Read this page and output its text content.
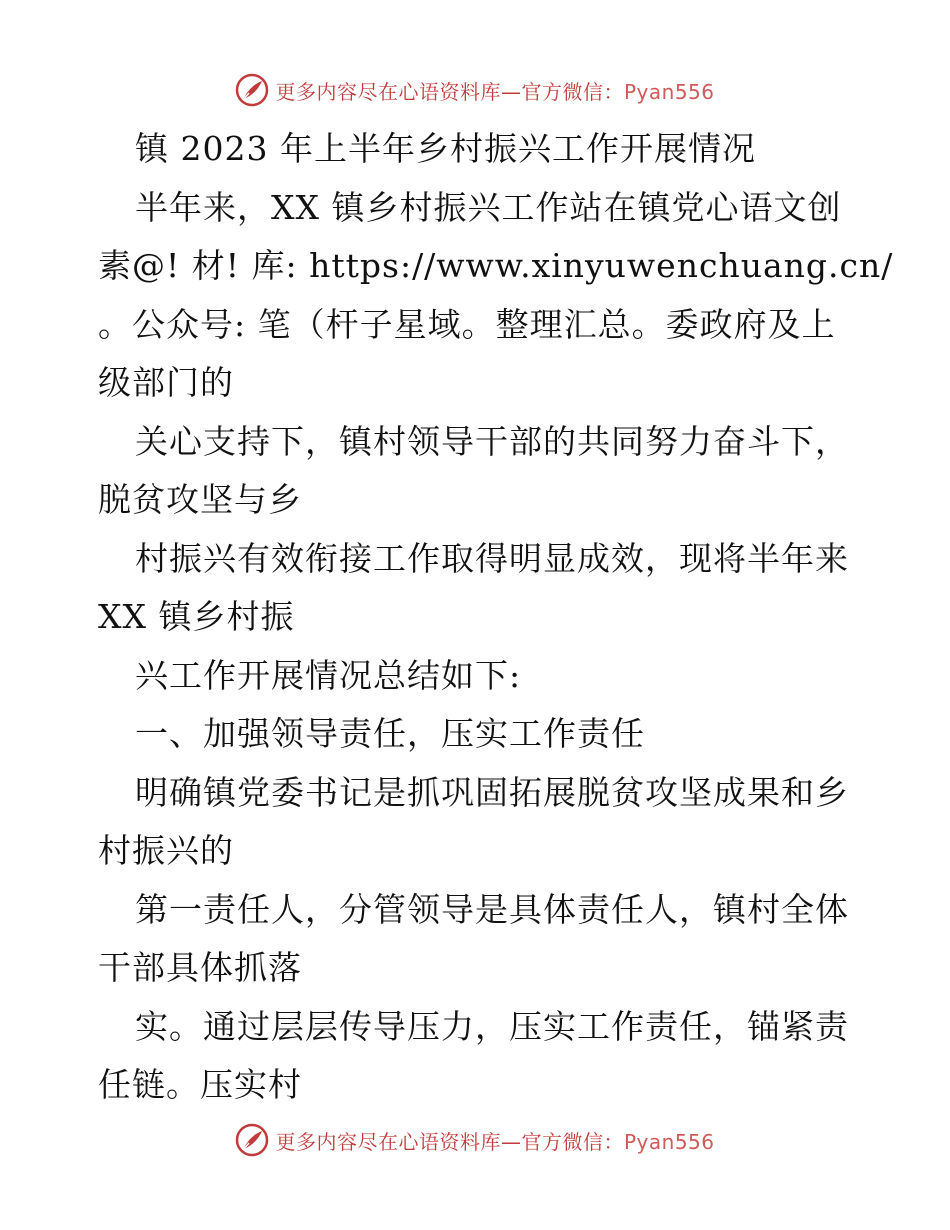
更多内容尽在心语资料库—官方微信：Pyan556
镇 2023 年上半年乡村振兴工作开展情况
半年来，XX 镇乡村振兴工作站在镇党心语文创
素@! 材! 库: https://www.xinyuwenchuang.cn/
。公众号: 笔（杆子星域。整理汇总。委政府及上
级部门的
关心支持下，镇村领导干部的共同努力奋斗下，
脱贫攻坚与乡
村振兴有效衔接工作取得明显成效，现将半年来
XX 镇乡村振
兴工作开展情况总结如下:
一、加强领导责任，压实工作责任
明确镇党委书记是抓巩固拓展脱贫攻坚成果和乡
村振兴的
第一责任人，分管领导是具体责任人，镇村全体
干部具体抓落
实。通过层层传导压力，压实工作责任，锚紧责
任链。压实村
更多内容尽在心语资料库—官方微信：Pyan556
